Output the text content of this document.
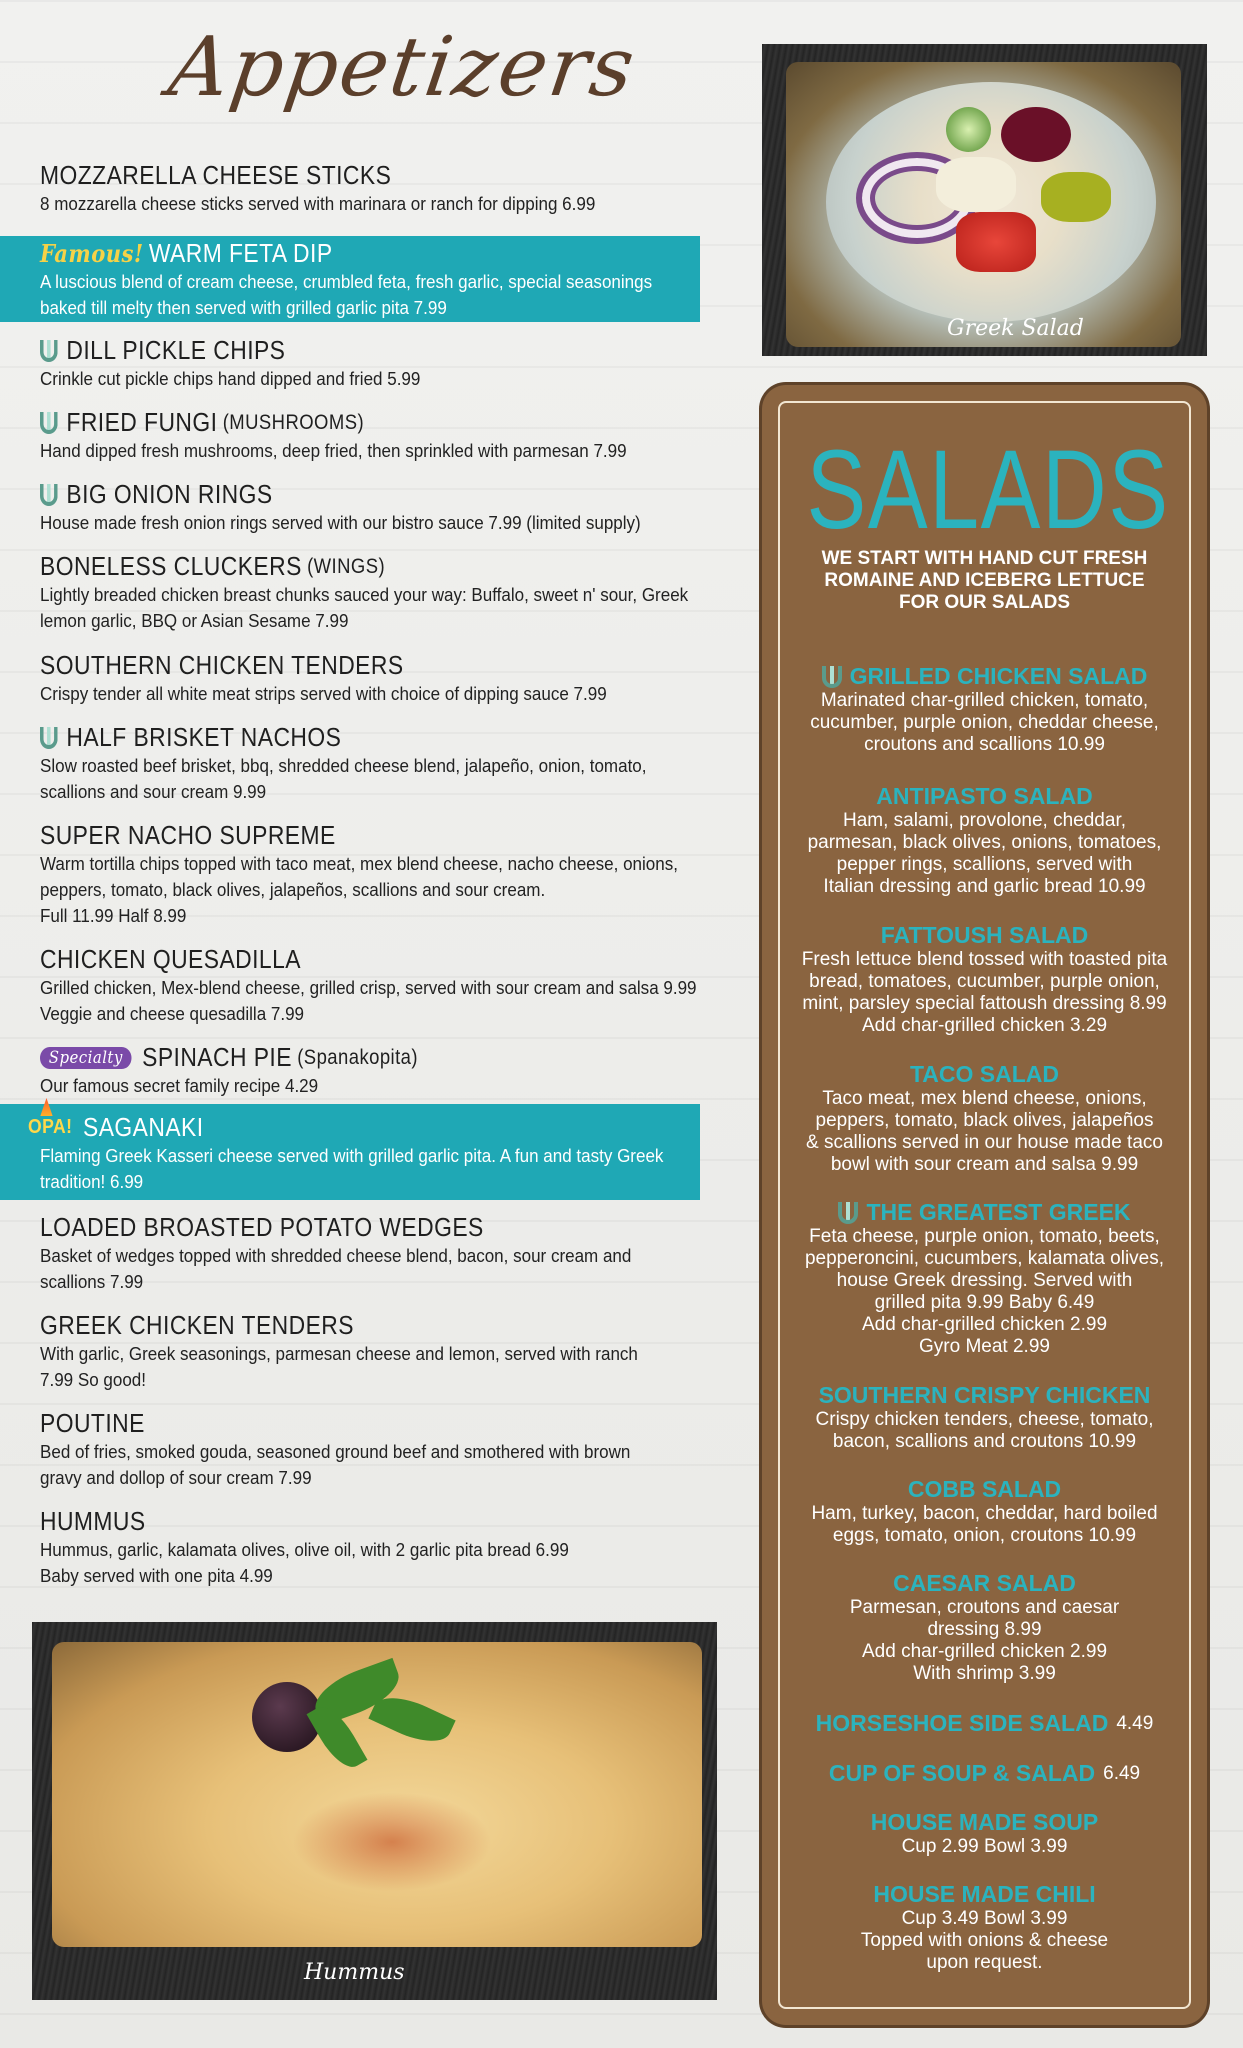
Appetizers
MOZZARELLA CHEESE STICKS
8 mozzarella cheese sticks served with marinara or ranch for dipping 6.99
Famous! WARM FETA DIP
A luscious blend of cream cheese, crumbled feta, fresh garlic, special seasonings baked till melty then served with grilled garlic pita 7.99
DILL PICKLE CHIPS
Crinkle cut pickle chips hand dipped and fried 5.99
FRIED FUNGI (MUSHROOMS)
Hand dipped fresh mushrooms, deep fried, then sprinkled with parmesan 7.99
BIG ONION RINGS
House made fresh onion rings served with our bistro sauce 7.99 (limited supply)
BONELESS CLUCKERS (WINGS)
Lightly breaded chicken breast chunks sauced your way: Buffalo, sweet n' sour, Greek lemon garlic, BBQ or Asian Sesame 7.99
SOUTHERN CHICKEN TENDERS
Crispy tender all white meat strips served with choice of dipping sauce 7.99
HALF BRISKET NACHOS
Slow roasted beef brisket, bbq, shredded cheese blend, jalapeño, onion, tomato, scallions and sour cream 9.99
SUPER NACHO SUPREME
Warm tortilla chips topped with taco meat, mex blend cheese, nacho cheese, onions, peppers, tomato, black olives, jalapeños, scallions and sour cream.
Full 11.99 Half 8.99
CHICKEN QUESADILLA
Grilled chicken, Mex-blend cheese, grilled crisp, served with sour cream and salsa 9.99 Veggie and cheese quesadilla 7.99
Specialty SPINACH PIE (Spanakopita)
Our famous secret family recipe 4.29
OPA! SAGANAKI
Flaming Greek Kasseri cheese served with grilled garlic pita. A fun and tasty Greek tradition! 6.99
LOADED BROASTED POTATO WEDGES
Basket of wedges topped with shredded cheese blend, bacon, sour cream and scallions 7.99
GREEK CHICKEN TENDERS
With garlic, Greek seasonings, parmesan cheese and lemon, served with ranch 7.99 So good!
POUTINE
Bed of fries, smoked gouda, seasoned ground beef and smothered with brown gravy and dollop of sour cream 7.99
HUMMUS
Hummus, garlic, kalamata olives, olive oil, with 2 garlic pita bread 6.99
Baby served with one pita 4.99
Hummus
Greek Salad
SALADS
WE START WITH HAND CUT FRESH
ROMAINE AND ICEBERG LETTUCE
FOR OUR SALADS
GRILLED CHICKEN SALAD
Marinated char-grilled chicken, tomato,
cucumber, purple onion, cheddar cheese,
croutons and scallions 10.99
ANTIPASTO SALAD
Ham, salami, provolone, cheddar,
parmesan, black olives, onions, tomatoes,
pepper rings, scallions, served with
Italian dressing and garlic bread 10.99
FATTOUSH SALAD
Fresh lettuce blend tossed with toasted pita
bread, tomatoes, cucumber, purple onion,
mint, parsley special fattoush dressing 8.99
Add char-grilled chicken 3.29
TACO SALAD
Taco meat, mex blend cheese, onions,
peppers, tomato, black olives, jalapeños
& scallions served in our house made taco
bowl with sour cream and salsa 9.99
THE GREATEST GREEK
Feta cheese, purple onion, tomato, beets,
pepperoncini, cucumbers, kalamata olives,
house Greek dressing. Served with
grilled pita 9.99 Baby 6.49
Add char-grilled chicken 2.99
Gyro Meat 2.99
SOUTHERN CRISPY CHICKEN
Crispy chicken tenders, cheese, tomato,
bacon, scallions and croutons 10.99
COBB SALAD
Ham, turkey, bacon, cheddar, hard boiled
eggs, tomato, onion, croutons 10.99
CAESAR SALAD
Parmesan, croutons and caesar
dressing 8.99
Add char-grilled chicken 2.99
With shrimp 3.99
HORSESHOE SIDE SALAD 4.49
CUP OF SOUP & SALAD 6.49
HOUSE MADE SOUP
Cup 2.99 Bowl 3.99
HOUSE MADE CHILI
Cup 3.49 Bowl 3.99
Topped with onions & cheese
upon request.
